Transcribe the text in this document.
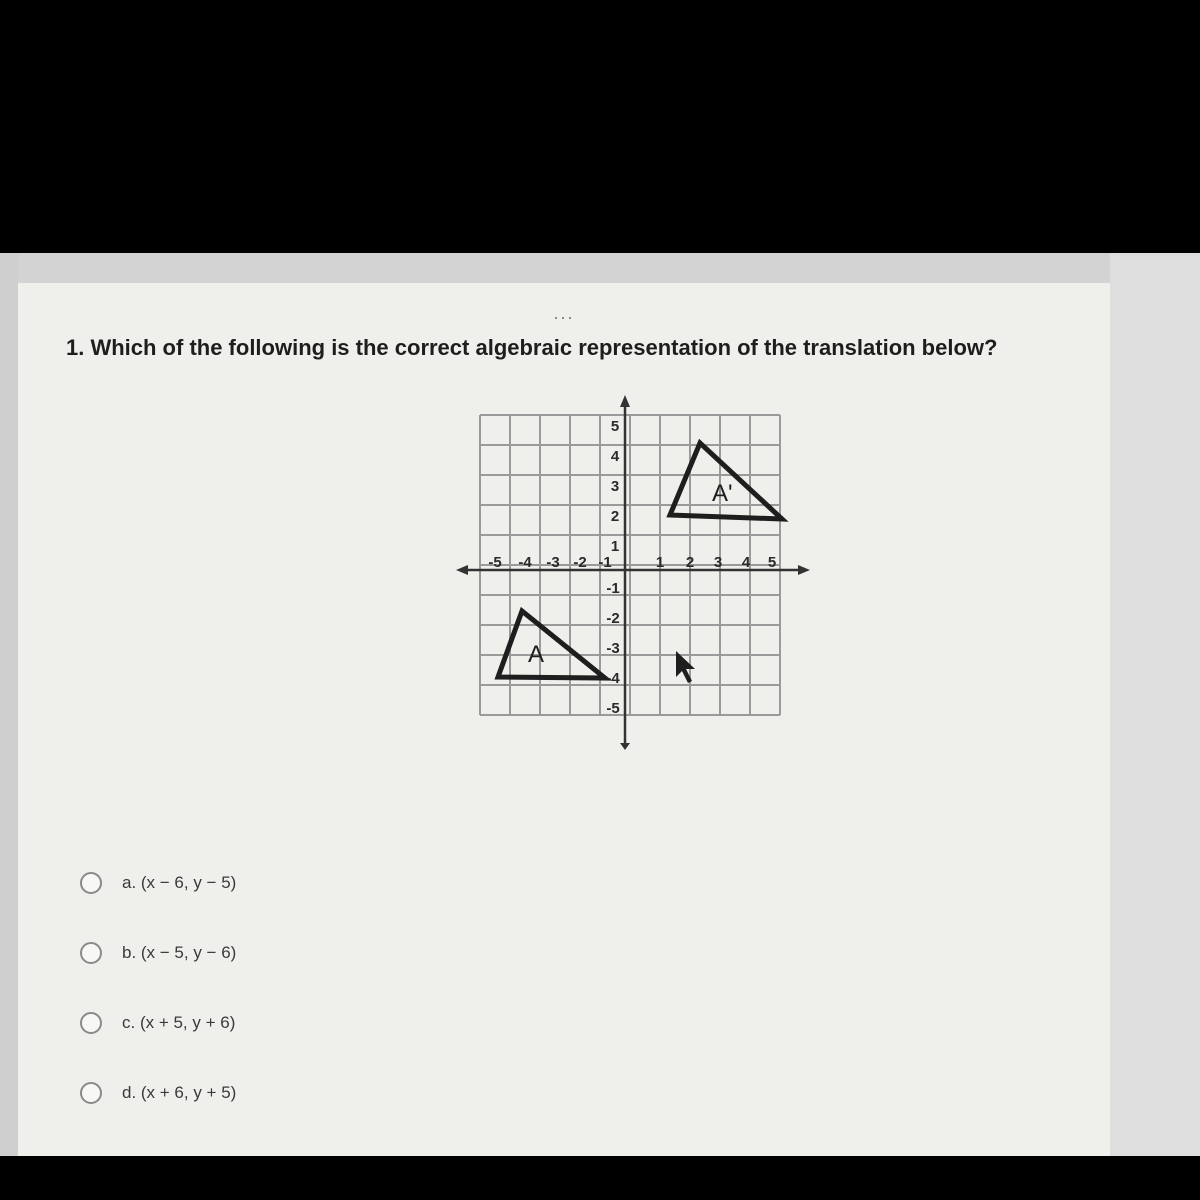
...
1. Which of the following is the correct algebraic representation of the translation below?
-5 -4 -3 -2 -1	1 2 3 4 5
5
4
3
2
1
-1
-2
-3
-4
-5
A'
A
a. (x − 6, y − 5)
b. (x − 5, y − 6)
c. (x + 5, y + 6)
d. (x + 6, y + 5)
